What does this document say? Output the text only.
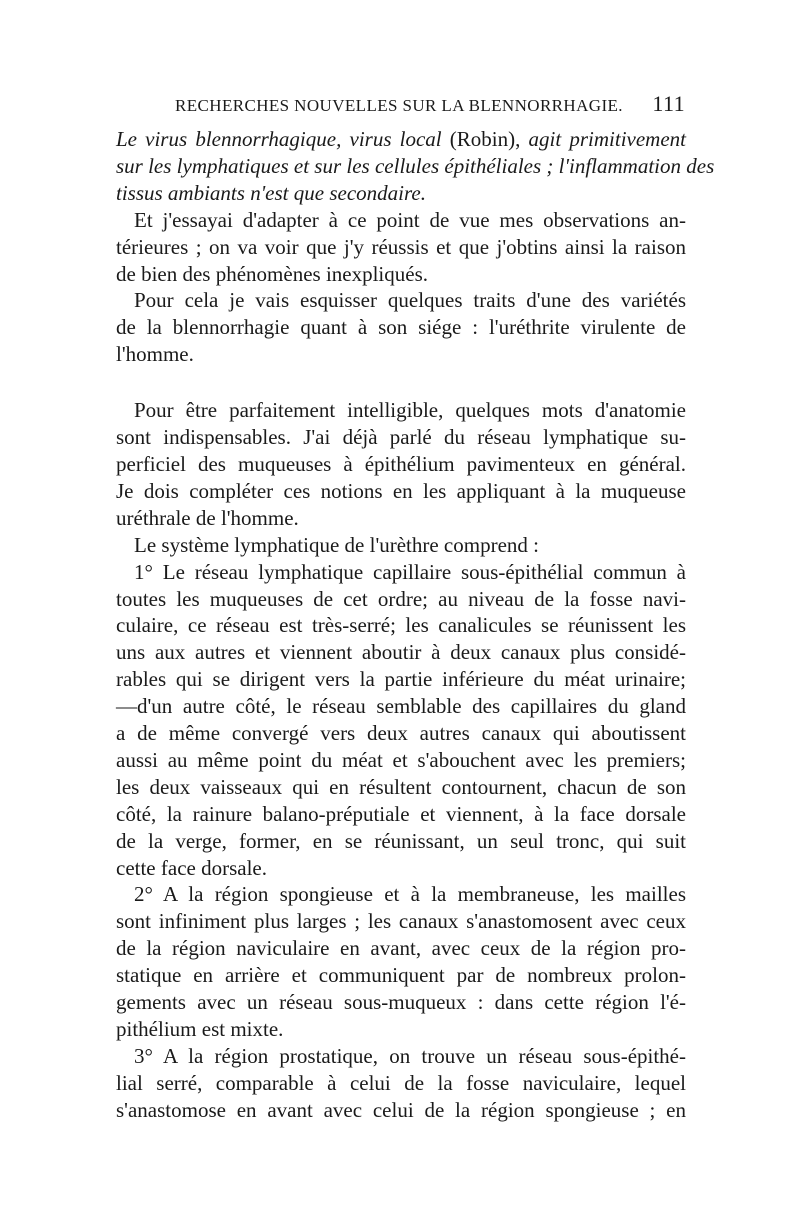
RECHERCHES NOUVELLES SUR LA BLENNORRHAGIE. 111
Le virus blennorrhagique, virus local (Robin), agit primitivement
sur les lymphatiques et sur les cellules épithéliales ; l'inflammation des
tissus ambiants n'est que secondaire.
Et j'essayai d'adapter à ce point de vue mes observations an-
térieures ; on va voir que j'y réussis et que j'obtins ainsi la raison
de bien des phénomènes inexpliqués.
Pour cela je vais esquisser quelques traits d'une des variétés
de la blennorrhagie quant à son siége : l'uréthrite virulente de
l'homme.
Pour être parfaitement intelligible, quelques mots d'anatomie
sont indispensables. J'ai déjà parlé du réseau lymphatique su-
perficiel des muqueuses à épithélium pavimenteux en général.
Je dois compléter ces notions en les appliquant à la muqueuse
uréthrale de l'homme.
Le système lymphatique de l'urèthre comprend :
1° Le réseau lymphatique capillaire sous-épithélial commun à
toutes les muqueuses de cet ordre; au niveau de la fosse navi-
culaire, ce réseau est très-serré; les canalicules se réunissent les
uns aux autres et viennent aboutir à deux canaux plus considé-
rables qui se dirigent vers la partie inférieure du méat urinaire;
—d'un autre côté, le réseau semblable des capillaires du gland
a de même convergé vers deux autres canaux qui aboutissent
aussi au même point du méat et s'abouchent avec les premiers;
les deux vaisseaux qui en résultent contournent, chacun de son
côté, la rainure balano-préputiale et viennent, à la face dorsale
de la verge, former, en se réunissant, un seul tronc, qui suit
cette face dorsale.
2° A la région spongieuse et à la membraneuse, les mailles
sont infiniment plus larges ; les canaux s'anastomosent avec ceux
de la région naviculaire en avant, avec ceux de la région pro-
statique en arrière et communiquent par de nombreux prolon-
gements avec un réseau sous-muqueux : dans cette région l'é-
pithélium est mixte.
3° A la région prostatique, on trouve un réseau sous-épithé-
lial serré, comparable à celui de la fosse naviculaire, lequel
s'anastomose en avant avec celui de la région spongieuse ; en
